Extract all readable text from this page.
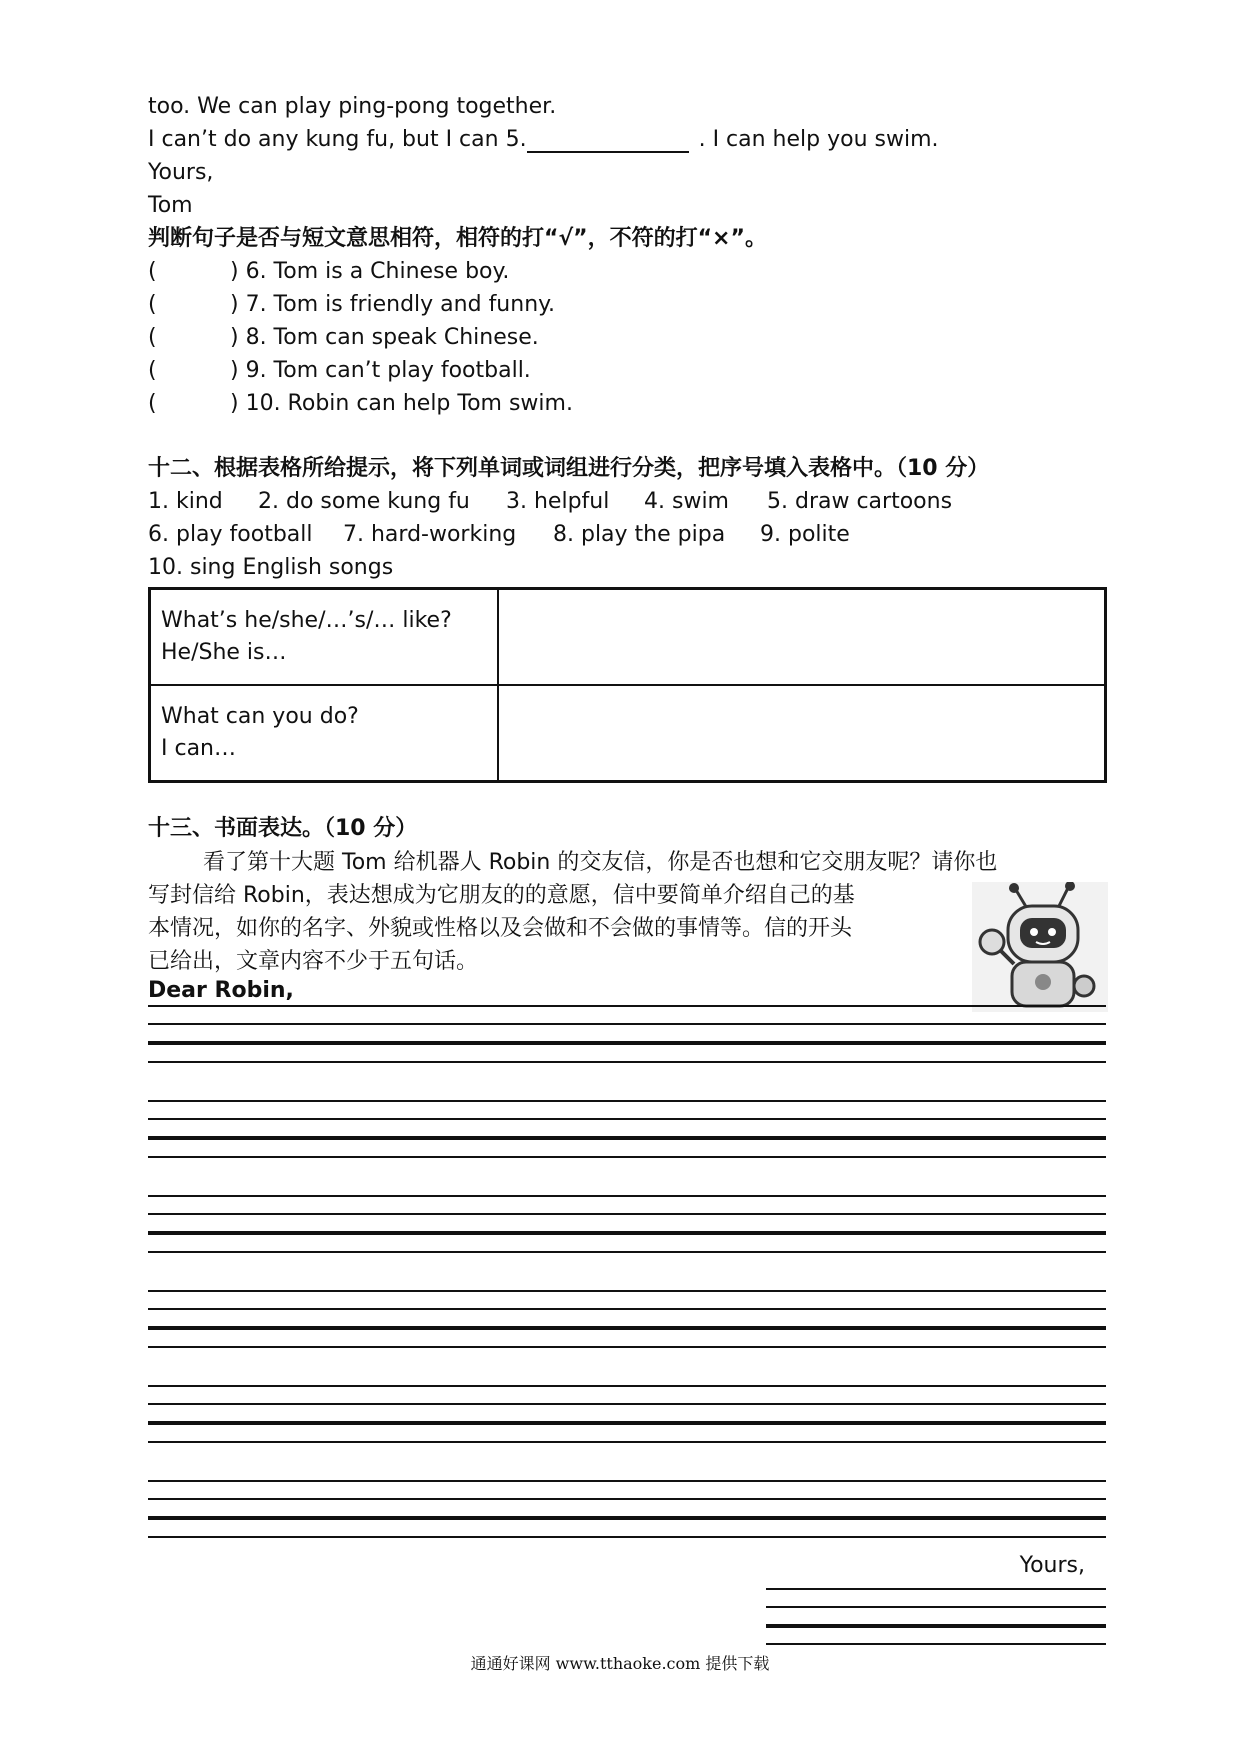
too. We can play ping-pong together.
I can’t do any kung fu, but I can 5.	. I can help you swim.
Yours,
Tom
判断句子是否与短文意思相符，相符的打“√”，不符的打“×”。
(	) 6. Tom is a Chinese boy.
(	) 7. Tom is friendly and funny.
(	) 8. Tom can speak Chinese.
(	) 9. Tom can’t play football.
(	) 10. Robin can help Tom swim.
十二、根据表格所给提示，将下列单词或词组进行分类，把序号填入表格中。（10 分）
1. kind 2. do some kung fu 3. helpful 4. swim 5. draw cartoons
6. play football 7. hard-working 8. play the pipa 9. polite
10. sing English songs
What’s he/she/…’s/… like?
He/She is…	

What can you do?
I can…	

十三、书面表达。（10 分）
看了第十大题 Tom 给机器人 Robin 的交友信，你是否也想和它交朋友呢？请你也
写封信给 Robin，表达想成为它朋友的的意愿，信中要简单介绍自己的基
本情况，如你的名字、外貌或性格以及会做和不会做的事情等。信的开头
已给出，文章内容不少于五句话。
Dear Robin,
Yours,
通通好课网 www.tthaoke.com 提供下载
